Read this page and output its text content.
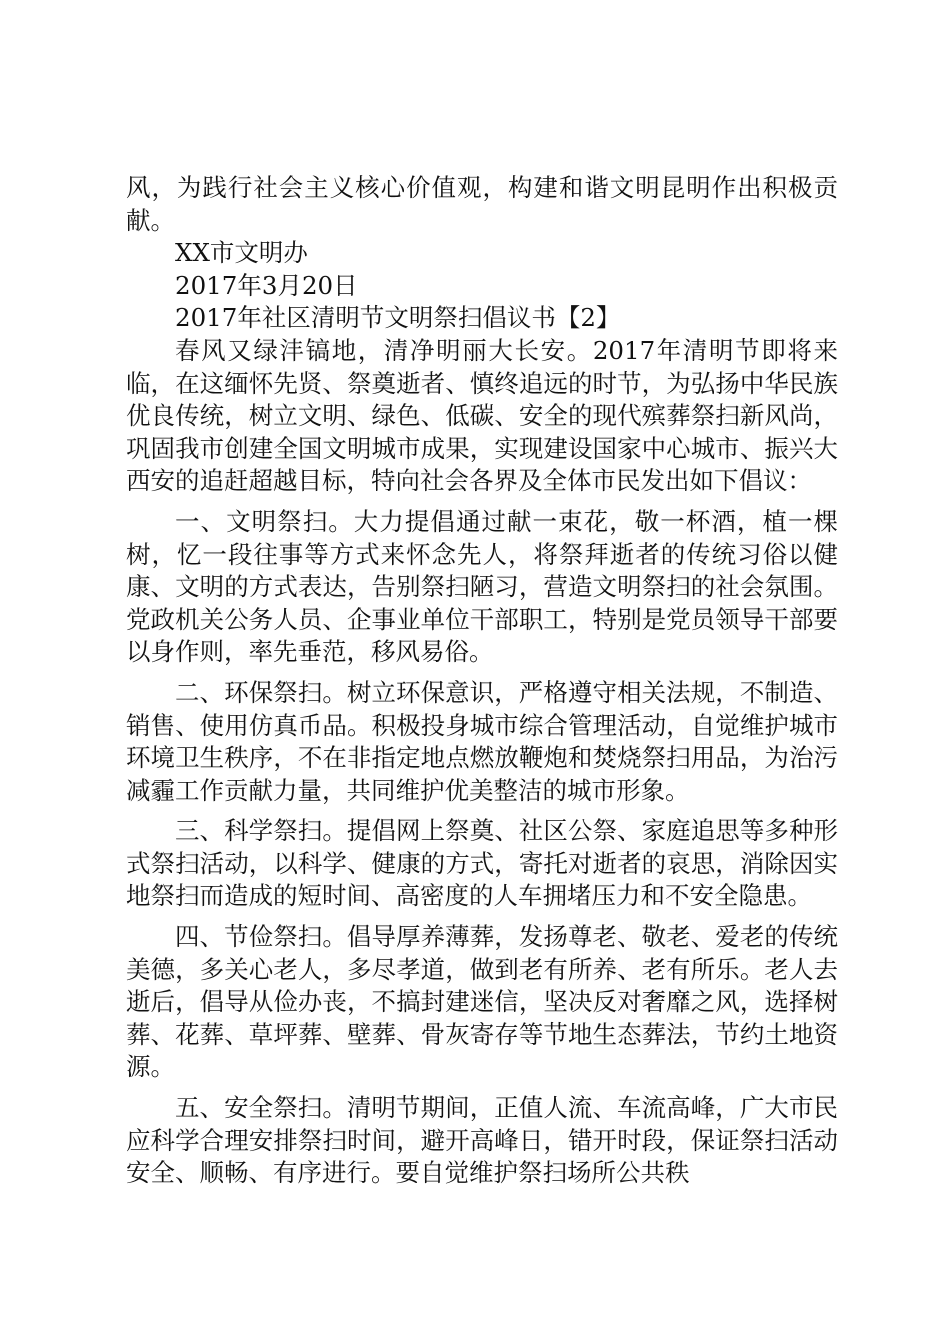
风，为践行社会主义核心价值观，构建和谐文明昆明作出积极贡献。

XX市文明办

2017年3月20日

2017年社区清明节文明祭扫倡议书【2】

春风又绿沣镐地，清净明丽大长安。2017年清明节即将来临，在这缅怀先贤、祭奠逝者、慎终追远的时节，为弘扬中华民族优良传统，树立文明、绿色、低碳、安全的现代殡葬祭扫新风尚，巩固我市创建全国文明城市成果，实现建设国家中心城市、振兴大西安的追赶超越目标，特向社会各界及全体市民发出如下倡议：

一、文明祭扫。大力提倡通过献一束花，敬一杯酒，植一棵树，忆一段往事等方式来怀念先人，将祭拜逝者的传统习俗以健康、文明的方式表达，告别祭扫陋习，营造文明祭扫的社会氛围。党政机关公务人员、企事业单位干部职工，特别是党员领导干部要以身作则，率先垂范，移风易俗。

二、环保祭扫。树立环保意识，严格遵守相关法规，不制造、销售、使用仿真币品。积极投身城市综合管理活动，自觉维护城市环境卫生秩序，不在非指定地点燃放鞭炮和焚烧祭扫用品，为治污减霾工作贡献力量，共同维护优美整洁的城市形象。

三、科学祭扫。提倡网上祭奠、社区公祭、家庭追思等多种形式祭扫活动，以科学、健康的方式，寄托对逝者的哀思，消除因实地祭扫而造成的短时间、高密度的人车拥堵压力和不安全隐患。

四、节俭祭扫。倡导厚养薄葬，发扬尊老、敬老、爱老的传统美德，多关心老人，多尽孝道，做到老有所养、老有所乐。老人去逝后，倡导从俭办丧，不搞封建迷信，坚决反对奢靡之风，选择树葬、花葬、草坪葬、壁葬、骨灰寄存等节地生态葬法，节约土地资源。

五、安全祭扫。清明节期间，正值人流、车流高峰，广大市民应科学合理安排祭扫时间，避开高峰日，错开时段，保证祭扫活动安全、顺畅、有序进行。要自觉维护祭扫场所公共秩
